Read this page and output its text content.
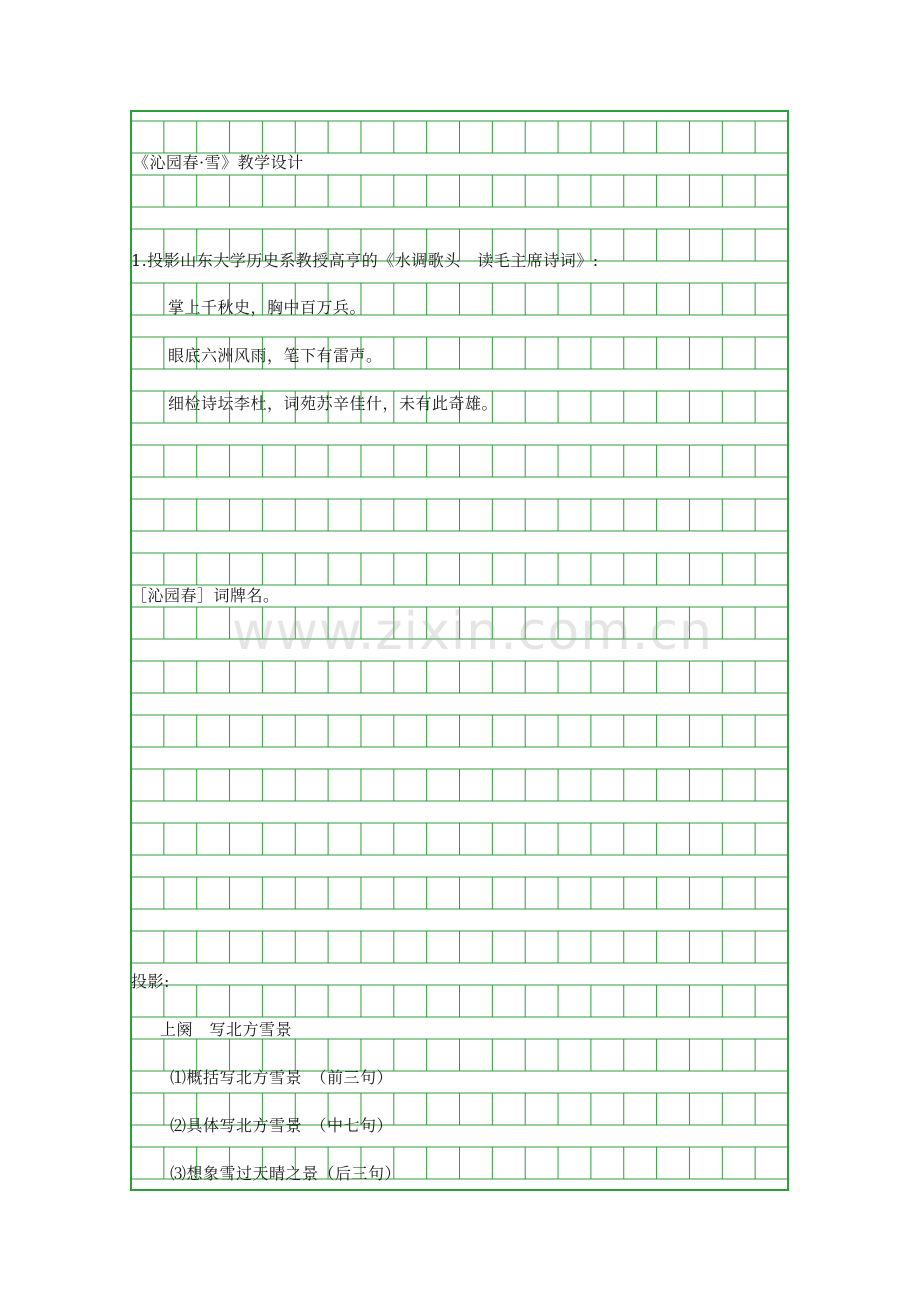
www.zixin.com.cn
《沁园春·雪》教学设计
1.投影山东大学历史系教授高亨的《水调歌头　读毛主席诗词》:
掌上千秋史，胸中百万兵。
眼底六洲风雨，笔下有雷声。
细检诗坛李杜，词苑苏辛佳什，未有此奇雄。
［沁园春］词牌名。
投影:
上阕　写北方雪景
⑴概括写北方雪景　（前三句）
⑵具体写北方雪景　（中七句）
⑶想象雪过天晴之景（后三句）
